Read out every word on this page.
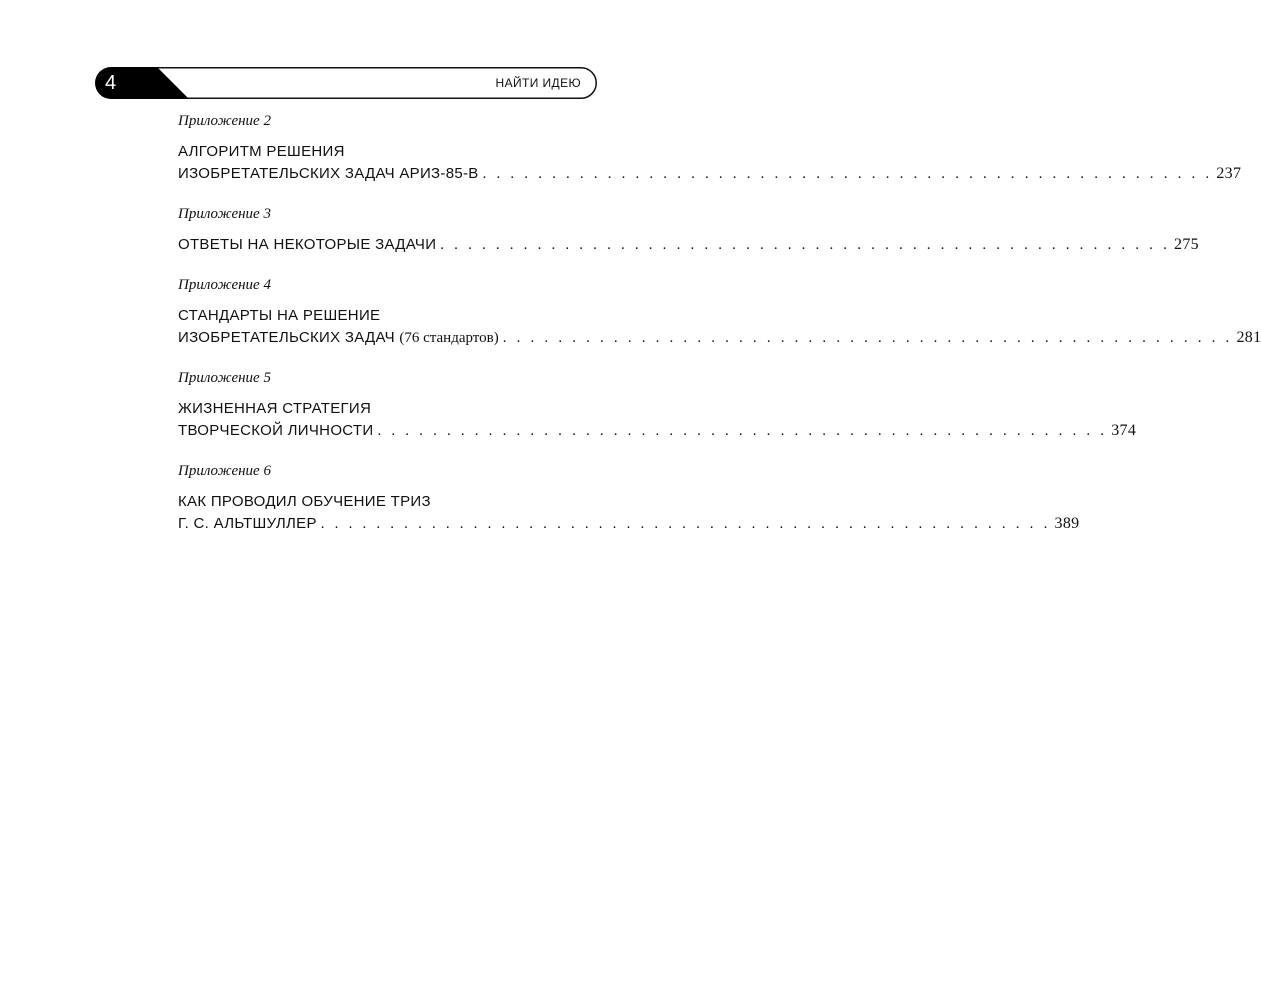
4	НАЙТИ ИДЕЮ
Приложение 2
АЛГОРИТМ РЕШЕНИЯ
ИЗОБРЕТАТЕЛЬСКИХ ЗАДАЧ АРИЗ-85-В . . . . . . . . . . . . . . . . . . . . . . . . . . . . . . . . . . . . . . . . . . . . . . . . . . . . . 237
Приложение 3
ОТВЕТЫ НА НЕКОТОРЫЕ ЗАДАЧИ . . . . . . . . . . . . . . . . . . . . . . . . . . . . . . . . . . . . . . . . . . . . . . . . . . . . . 275
Приложение 4
СТАНДАРТЫ НА РЕШЕНИЕ
ИЗОБРЕТАТЕЛЬСКИХ ЗАДАЧ (76 стандартов) . . . . . . . . . . . . . . . . . . . . . . . . . . . . . . . . . . . . . . . . . . . . . . . . . . . . . 281
Приложение 5
ЖИЗНЕННАЯ СТРАТЕГИЯ
ТВОРЧЕСКОЙ ЛИЧНОСТИ . . . . . . . . . . . . . . . . . . . . . . . . . . . . . . . . . . . . . . . . . . . . . . . . . . . . . 374
Приложение 6
КАК ПРОВОДИЛ ОБУЧЕНИЕ ТРИЗ
Г. С. АЛЬТШУЛЛЕР . . . . . . . . . . . . . . . . . . . . . . . . . . . . . . . . . . . . . . . . . . . . . . . . . . . . . 389
